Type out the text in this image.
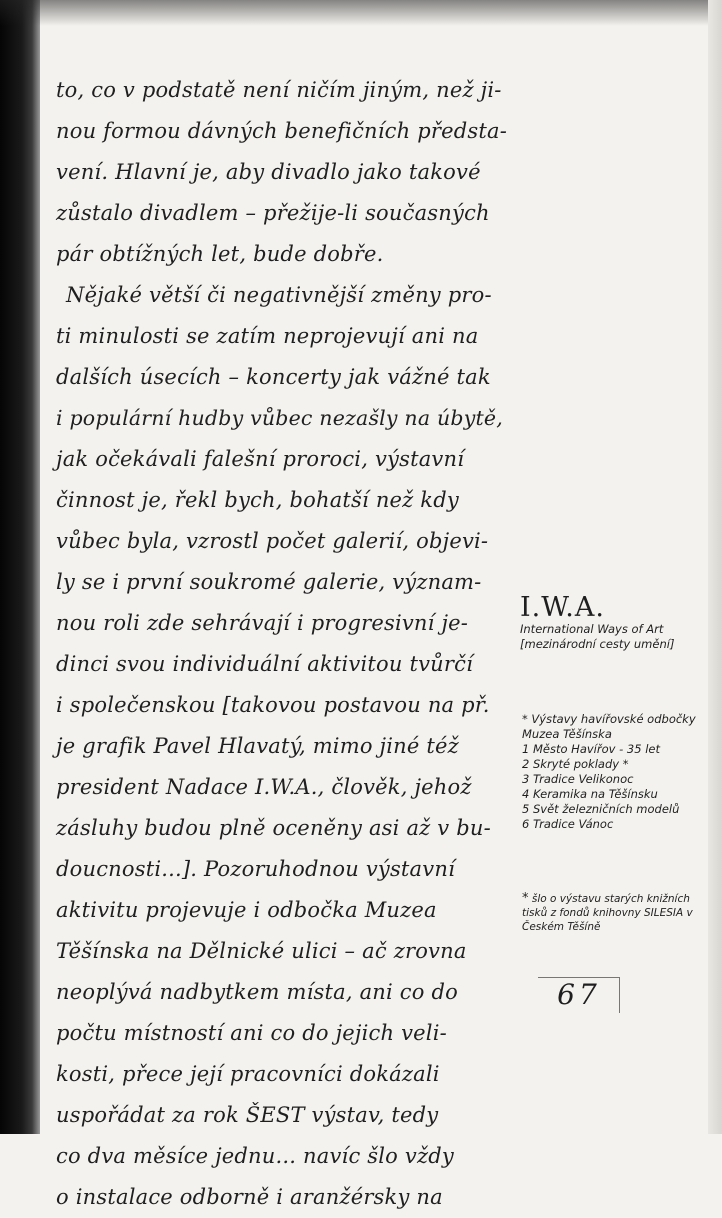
to, co v podstatě není ničím jiným, než ji-
nou formou dávných benefičních předsta-
vení. Hlavní je, aby divadlo jako takové
zůstalo divadlem – přežije-li současných
pár obtížných let, bude dobře.
Nějaké větší či negativnější změny pro-
ti minulosti se zatím neprojevují ani na
dalších úsecích – koncerty jak vážné tak
i populární hudby vůbec nezašly na úbytě,
jak očekávali falešní proroci, výstavní
činnost je, řekl bych, bohatší než kdy
vůbec byla, vzrostl počet galerií, objevi-
ly se i první soukromé galerie, význam-
nou roli zde sehrávají i progresivní je-
dinci svou individuální aktivitou tvůrčí
i společenskou [takovou postavou na př.
je grafik Pavel Hlavatý, mimo jiné též
president Nadace I.W.A., člověk, jehož
zásluhy budou plně oceněny asi až v bu-
doucnosti...]. Pozoruhodnou výstavní
aktivitu projevuje i odbočka Muzea
Těšínska na Dělnické ulici – ač zrovna
neoplývá nadbytkem místa, ani co do
počtu místností ani co do jejich veli-
kosti, přece její pracovníci dokázali
uspořádat za rok ŠEST výstav, tedy
co dva měsíce jednu... navíc šlo vždy
o instalace odborně i aranžérsky na
I.W.A.
International Ways of Art [mezinárodní cesty umění]
* Výstavy havířovské odbočky Muzea Těšínska
1 Město Havířov - 35 let
2 Skryté poklady *
3 Tradice Velikonoc
4 Keramika na Těšínsku
5 Svět železničních modelů
6 Tradice Vánoc
* šlo o výstavu starých knižních tisků z fondů knihovny SILESIA v Českém Těšíně
67
